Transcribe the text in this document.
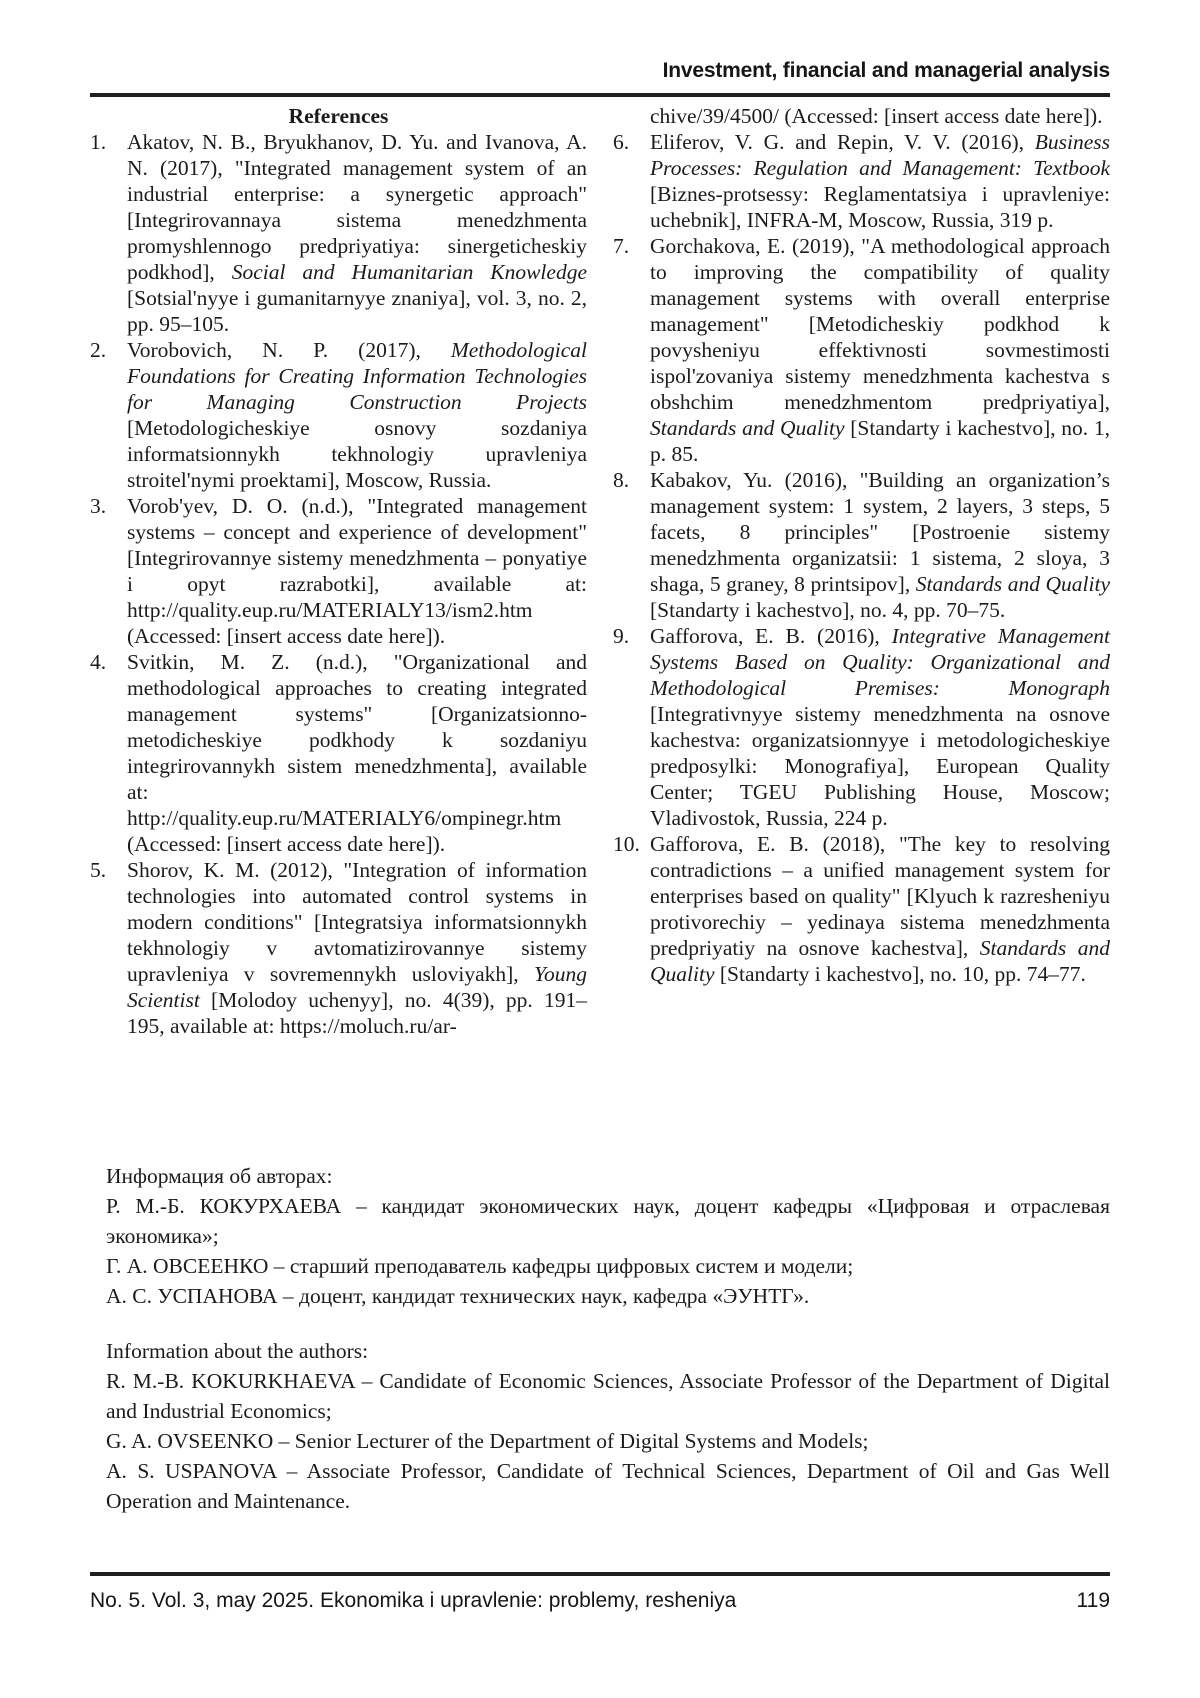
Investment, financial and managerial analysis
References
1. Akatov, N. B., Bryukhanov, D. Yu. and Ivanova, A. N. (2017), "Integrated management system of an industrial enterprise: a synergetic approach" [Integrirovannaya sistema menedzhmenta promyshlennogo predpriyatiya: sinergeticheskiy podkhod], Social and Humanitarian Knowledge [Sotsial'nyye i gumanitarnyye znaniya], vol. 3, no. 2, pp. 95–105.
2. Vorobovich, N. P. (2017), Methodological Foundations for Creating Information Technologies for Managing Construction Projects [Metodologicheskiye osnovy sozdaniya informatsionnykh tekhnologiy upravleniya stroitel'nymi proektami], Moscow, Russia.
3. Vorob'yev, D. O. (n.d.), "Integrated management systems – concept and experience of development" [Integrirovannye sistemy menedzhmenta – ponyatiye i opyt razrabotki], available at: http://quality.eup.ru/MATERIALY13/ism2.htm (Accessed: [insert access date here]).
4. Svitkin, M. Z. (n.d.), "Organizational and methodological approaches to creating integrated management systems" [Organizatsionno-metodicheskiye podkhody k sozdaniyu integrirovannykh sistem menedzhmenta], available at: http://quality.eup.ru/MATERIALY6/ompinegr.htm (Accessed: [insert access date here]).
5. Shorov, K. M. (2012), "Integration of information technologies into automated control systems in modern conditions" [Integratsiya informatsionnykh tekhnologiy v avtomatizirovannye sistemy upravleniya v sovremennykh usloviyakh], Young Scientist [Molodoy uchenyy], no. 4(39), pp. 191–195, available at: https://moluch.ru/ar-

chive/39/4500/ (Accessed: [insert access date here]).

6. Eliferov, V. G. and Repin, V. V. (2016), Business Processes: Regulation and Management: Textbook [Biznes-protsessy: Reglamentatsiya i upravleniye: uchebnik], INFRA-M, Moscow, Russia, 319 p.
7. Gorchakova, E. (2019), "A methodological approach to improving the compatibility of quality management systems with overall enterprise management" [Metodicheskiy podkhod k povysheniyu effektivnosti sovmestimosti ispol'zovaniya sistemy menedzhmenta kachestva s obshchim menedzhmentom predpriyatiya], Standards and Quality [Standarty i kachestvo], no. 1, p. 85.
8. Kabakov, Yu. (2016), "Building an organization’s management system: 1 system, 2 layers, 3 steps, 5 facets, 8 principles" [Postroenie sistemy menedzhmenta organizatsii: 1 sistema, 2 sloya, 3 shaga, 5 graney, 8 printsipov], Standards and Quality [Standarty i kachestvo], no. 4, pp. 70–75.
9. Gafforova, E. B. (2016), Integrative Management Systems Based on Quality: Organizational and Methodological Premises: Monograph [Integrativnyye sistemy menedzhmenta na osnove kachestva: organizatsionnyye i metodologicheskiye predposylki: Monografiya], European Quality Center; TGEU Publishing House, Moscow; Vladivostok, Russia, 224 p.
10. Gafforova, E. B. (2018), "The key to resolving contradictions – a unified management system for enterprises based on quality" [Klyuch k razresheniyu protivorechiy – yedinaya sistema menedzhmenta predpriyatiy na osnove kachestva], Standards and Quality [Standarty i kachestvo], no. 10, pp. 74–77.

Информация об авторах:

Р. М.-Б. КОКУРХАЕВА – кандидат экономических наук, доцент кафедры «Цифровая и отраслевая экономика»;

Г. А. ОВСЕЕНКО – старший преподаватель кафедры цифровых систем и модели;

А. С. УСПАНОВА – доцент, кандидат технических наук, кафедра «ЭУНТГ».

Information about the authors:

R. M.-B. KOKURKHAEVA – Candidate of Economic Sciences, Associate Professor of the Department of Digital and Industrial Economics;

G. A. OVSEENKO – Senior Lecturer of the Department of Digital Systems and Models;

A. S. USPANOVA – Associate Professor, Candidate of Technical Sciences, Department of Oil and Gas Well Operation and Maintenance.

No. 5. Vol. 3, may 2025. Ekonomika i upravlenie: problemy, resheniya	119
